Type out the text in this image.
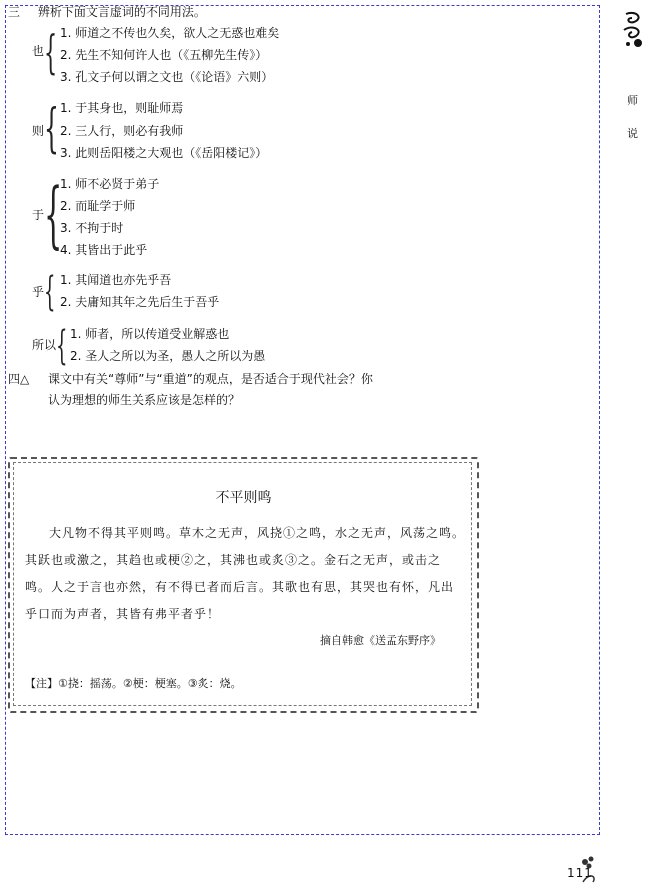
三 辨析下面文言虚词的不同用法。
也 { 1. 师道之不传也久矣，欲人之无惑也难矣
2. 先生不知何许人也（《五柳先生传》）
3. 孔文子何以谓之文也（《论语》六则）
则 { 1. 于其身也，则耻师焉
2. 三人行，则必有我师
3. 此则岳阳楼之大观也（《岳阳楼记》）
于 {
1. 师不必贤于弟子
2. 而耻学于师
3. 不拘于时
4. 其皆出于此乎
乎 { 1. 其闻道也亦先乎吾
2. 夫庸知其年之先后生于吾乎
所以 { 1. 师者，所以传道受业解惑也
2. 圣人之所以为圣，愚人之所以为愚
四△ 课文中有关“尊师”与“重道”的观点，是否适合于现代社会？你
认为理想的师生关系应该是怎样的？
不平则鸣
大凡物不得其平则鸣。草木之无声，风挠①之鸣，水之无声，风荡之鸣。其跃也或激之，其趋也或梗②之，其沸也或炙③之。金石之无声，或击之鸣。人之于言也亦然，有不得已者而后言。其歌也有思，其哭也有怀，凡出乎口而为声者，其皆有弗平者乎！
摘自韩愈《送孟东野序》
【注】①挠：摇荡。②梗：梗塞。③炙：烧。
师
说
111
